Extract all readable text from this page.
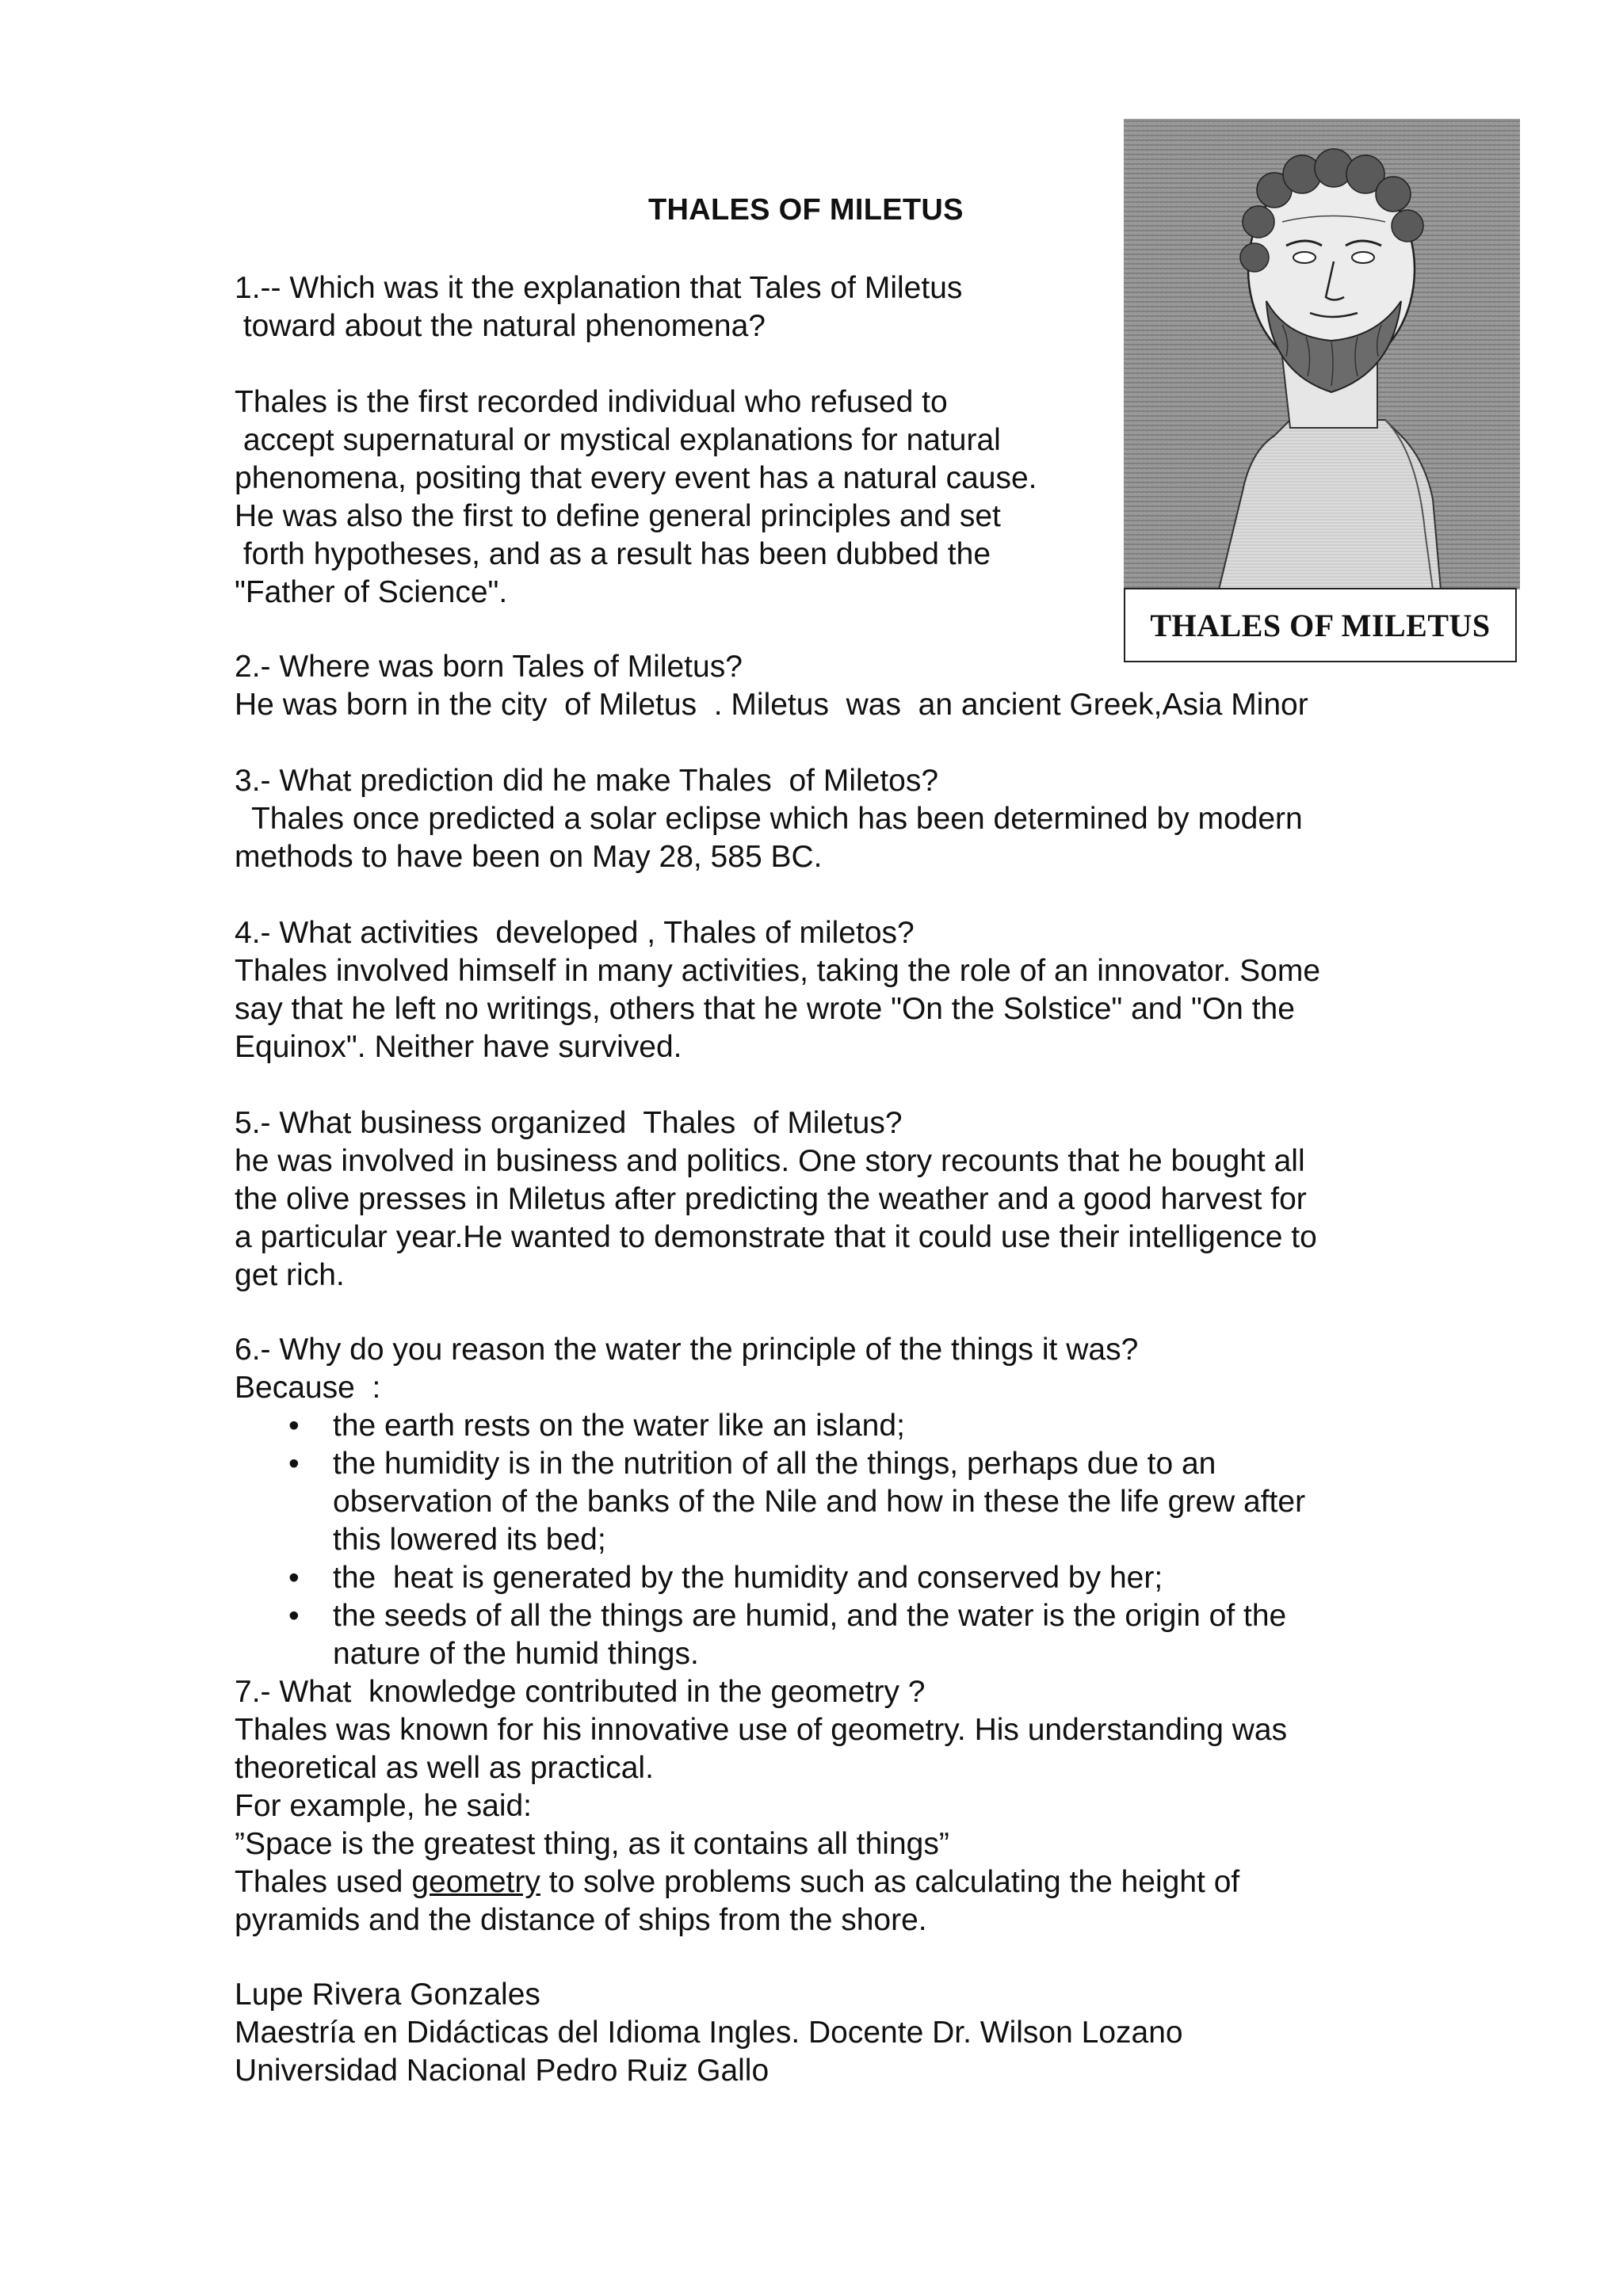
THALES OF MILETUS
THALES OF MILETUS

1.-- Which was it the explanation that Tales of Miletus

toward about the natural phenomena?

Thales is the first recorded individual who refused to

accept supernatural or mystical explanations for natural

phenomena, positing that every event has a natural cause.

He was also the first to define general principles and set

forth hypotheses, and as a result has been dubbed the

"Father of Science".

2.- Where was born Tales of Miletus?

He was born in the city  of Miletus  . Miletus  was  an ancient Greek,Asia Minor

3.- What prediction did he make Thales  of Miletos?

Thales once predicted a solar eclipse which has been determined by modern

methods to have been on May 28, 585 BC.

4.- What activities  developed , Thales of miletos?

Thales involved himself in many activities, taking the role of an innovator. Some

say that he left no writings, others that he wrote "On the Solstice" and "On the

Equinox". Neither have survived.

5.- What business organized  Thales  of Miletus?

he was involved in business and politics. One story recounts that he bought all

the olive presses in Miletus after predicting the weather and a good harvest for

a particular year.He wanted to demonstrate that it could use their intelligence to

get rich.

6.- Why do you reason the water the principle of the things it was?

Because  :

• the earth rests on the water like an island;

• the humidity is in the nutrition of all the things, perhaps due to an

observation of the banks of the Nile and how in these the life grew after

this lowered its bed;

• the  heat is generated by the humidity and conserved by her;

• the seeds of all the things are humid, and the water is the origin of the

nature of the humid things.

7.- What  knowledge contributed in the geometry ?

Thales was known for his innovative use of geometry. His understanding was

theoretical as well as practical.

For example, he said:

”Space is the greatest thing, as it contains all things”

Thales used geometry to solve problems such as calculating the height of

pyramids and the distance of ships from the shore.

Lupe Rivera Gonzales

Maestría en Didácticas del Idioma Ingles. Docente Dr. Wilson Lozano

Universidad Nacional Pedro Ruiz Gallo
